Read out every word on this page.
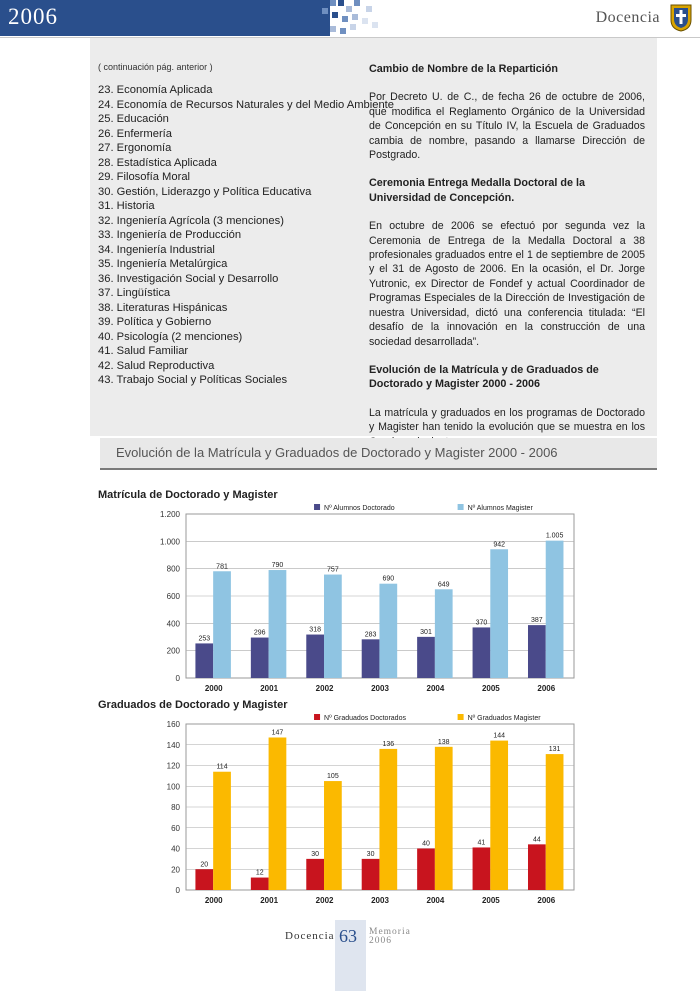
2006	Docencia
( continuación pág. anterior )
23. Economía Aplicada
24. Economía de Recursos Naturales y del Medio Ambiente
25. Educación
26. Enfermería
27. Ergonomía
28. Estadística Aplicada
29. Filosofía Moral
30. Gestión, Liderazgo y Política Educativa
31. Historia
32. Ingeniería Agrícola (3 menciones)
33. Ingeniería de Producción
34. Ingeniería Industrial
35. Ingeniería Metalúrgica
36. Investigación Social y Desarrollo
37. Lingüística
38. Literaturas Hispánicas
39. Política y Gobierno
40. Psicología (2 menciones)
41. Salud Familiar
42. Salud Reproductiva
43. Trabajo Social y Políticas Sociales
Cambio de Nombre de la Repartición

Por Decreto U. de C., de fecha 26 de octubre de 2006, que modifica el Reglamento Orgánico de la Universidad de Concepción en su Título IV, la Escuela de Graduados cambia de nombre, pasando a llamarse Dirección de Postgrado.

Ceremonia Entrega Medalla Doctoral de la Universidad de Concepción.

En octubre de 2006 se efectuó por segunda vez la Ceremonia de Entrega de la Medalla Doctoral a 38 profesionales graduados entre el 1 de septiembre de 2005 y el 31 de Agosto de 2006. En la ocasión, el Dr. Jorge Yutronic, ex Director de Fondef y actual Coordinador de Programas Especiales de la Dirección de Investigación de nuestra Universidad, dictó una conferencia titulada: “El desafío de la innovación en la construcción de una sociedad desarrollada”.

Evolución de la Matrícula y de Graduados de Doctorado y Magister 2000 - 2006

La matrícula y graduados en los programas de Doctorado y Magister han tenido la evolución que se muestra en los

Evolución de la Matrícula y Graduados de Doctorado y Magister 2000 - 2006
Matrícula de Doctorado y Magister
0
200
400
600
800
1.000
1.200
253
781
2000
296
790
2001
318
757
2002
283
690
2003
301
649
2004
370
942
2005
387
1.005
2006
Nº Alumnos Doctorado	Nº Alumnos Magister
Graduados de Doctorado y Magister
0
20
40
60
80
100
120
140
160
20
114
2000
12
147
2001
30
105
2002
30
136
2003
40
138
2004
41
144
2005
44
131
2006
Nº Graduados Doctorados	Nº Graduados Magister
Docencia 63 Memoria
2006
